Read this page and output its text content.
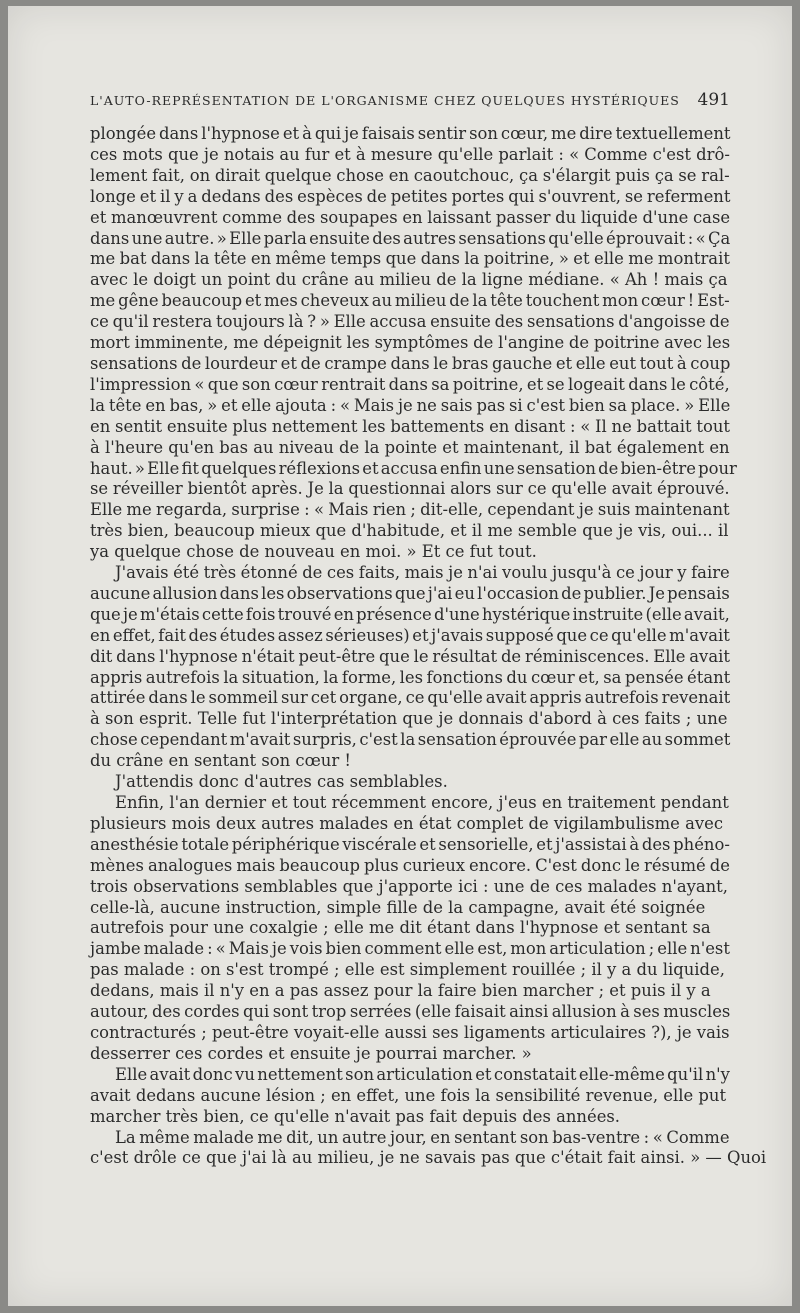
L'AUTO-REPRÉSENTATION DE L'ORGANISME CHEZ QUELQUES HYSTÉRIQUES 491
plongée dans l'hypnose et à qui je faisais sentir son cœur, me dire textuellement
ces mots que je notais au fur et à mesure qu'elle parlait : « Comme c'est drô-
lement fait, on dirait quelque chose en caoutchouc, ça s'élargit puis ça se ral-
longe et il y a dedans des espèces de petites portes qui s'ouvrent, se referment
et manœuvrent comme des soupapes en laissant passer du liquide d'une case
dans une autre. » Elle parla ensuite des autres sensations qu'elle éprouvait : « Ça
me bat dans la tête en même temps que dans la poitrine, » et elle me montrait
avec le doigt un point du crâne au milieu de la ligne médiane. « Ah ! mais ça
me gêne beaucoup et mes cheveux au milieu de la tête touchent mon cœur ! Est-
ce qu'il restera toujours là ? » Elle accusa ensuite des sensations d'angoisse de
mort imminente, me dépeignit les symptômes de l'angine de poitrine avec les
sensations de lourdeur et de crampe dans le bras gauche et elle eut tout à coup
l'impression « que son cœur rentrait dans sa poitrine, et se logeait dans le côté,
la tête en bas, » et elle ajouta : « Mais je ne sais pas si c'est bien sa place. » Elle
en sentit ensuite plus nettement les battements en disant : « Il ne battait tout
à l'heure qu'en bas au niveau de la pointe et maintenant, il bat également en
haut. » Elle fit quelques réflexions et accusa enfin une sensation de bien-être pour
se réveiller bientôt après. Je la questionnai alors sur ce qu'elle avait éprouvé.
Elle me regarda, surprise : « Mais rien ; dit-elle, cependant je suis maintenant
très bien, beaucoup mieux que d'habitude, et il me semble que je vis, oui... il
ya quelque chose de nouveau en moi. » Et ce fut tout.
J'avais été très étonné de ces faits, mais je n'ai voulu jusqu'à ce jour y faire
aucune allusion dans les observations que j'ai eu l'occasion de publier. Je pensais
que je m'étais cette fois trouvé en présence d'une hystérique instruite (elle avait,
en effet, fait des études assez sérieuses) et j'avais supposé que ce qu'elle m'avait
dit dans l'hypnose n'était peut-être que le résultat de réminiscences. Elle avait
appris autrefois la situation, la forme, les fonctions du cœur et, sa pensée étant
attirée dans le sommeil sur cet organe, ce qu'elle avait appris autrefois revenait
à son esprit. Telle fut l'interprétation que je donnais d'abord à ces faits ; une
chose cependant m'avait surpris, c'est la sensation éprouvée par elle au sommet
du crâne en sentant son cœur !
J'attendis donc d'autres cas semblables.
Enfin, l'an dernier et tout récemment encore, j'eus en traitement pendant
plusieurs mois deux autres malades en état complet de vigilambulisme avec
anesthésie totale périphérique viscérale et sensorielle, et j'assistai à des phéno-
mènes analogues mais beaucoup plus curieux encore. C'est donc le résumé de
trois observations semblables que j'apporte ici : une de ces malades n'ayant,
celle-là, aucune instruction, simple fille de la campagne, avait été soignée
autrefois pour une coxalgie ; elle me dit étant dans l'hypnose et sentant sa
jambe malade : « Mais je vois bien comment elle est, mon articulation ; elle n'est
pas malade : on s'est trompé ; elle est simplement rouillée ; il y a du liquide,
dedans, mais il n'y en a pas assez pour la faire bien marcher ; et puis il y a
autour, des cordes qui sont trop serrées (elle faisait ainsi allusion à ses muscles
contracturés ; peut-être voyait-elle aussi ses ligaments articulaires ?), je vais
desserrer ces cordes et ensuite je pourrai marcher. »
Elle avait donc vu nettement son articulation et constatait elle-même qu'il n'y
avait dedans aucune lésion ; en effet, une fois la sensibilité revenue, elle put
marcher très bien, ce qu'elle n'avait pas fait depuis des années.
La même malade me dit, un autre jour, en sentant son bas-ventre : « Comme
c'est drôle ce que j'ai là au milieu, je ne savais pas que c'était fait ainsi. » — Quoi
